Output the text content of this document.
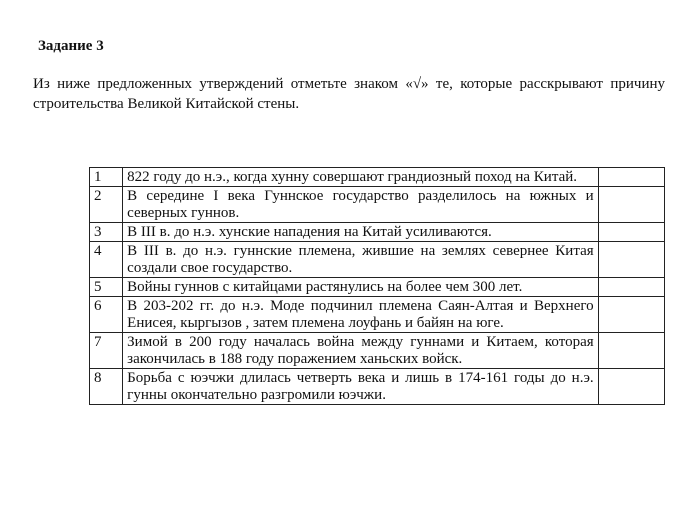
Задание 3
Из ниже предложенных утверждений отметьте знаком «√» те, которые расскрывают причину строительства Великой Китайской стены.
1	822 году до н.э., когда хунну совершают грандиозный поход на Китай.	
2	В середине I века Гуннское государство разделилось на южных и северных гуннов.	
3	В III в. до н.э. хунские нападения на Китай усиливаются.	
4	В III в. до н.э. гуннские племена, жившие на землях севернее Китая создали свое государство.	
5	Войны гуннов с китайцами растянулись на более чем 300 лет.	
6	В 203-202 гг. до н.э. Моде подчинил племена Саян-Алтая и Верхнего Енисея, кыргызов , затем племена лоуфань и байян на юге.	
7	Зимой в 200 году началась война между гуннами и Китаем, которая закончилась в 188 году поражением ханьских войск.	
8	Борьба с юэчжи длилась четверть века и лишь в 174-161 годы до н.э. гунны окончательно разгромили юэчжи.	
